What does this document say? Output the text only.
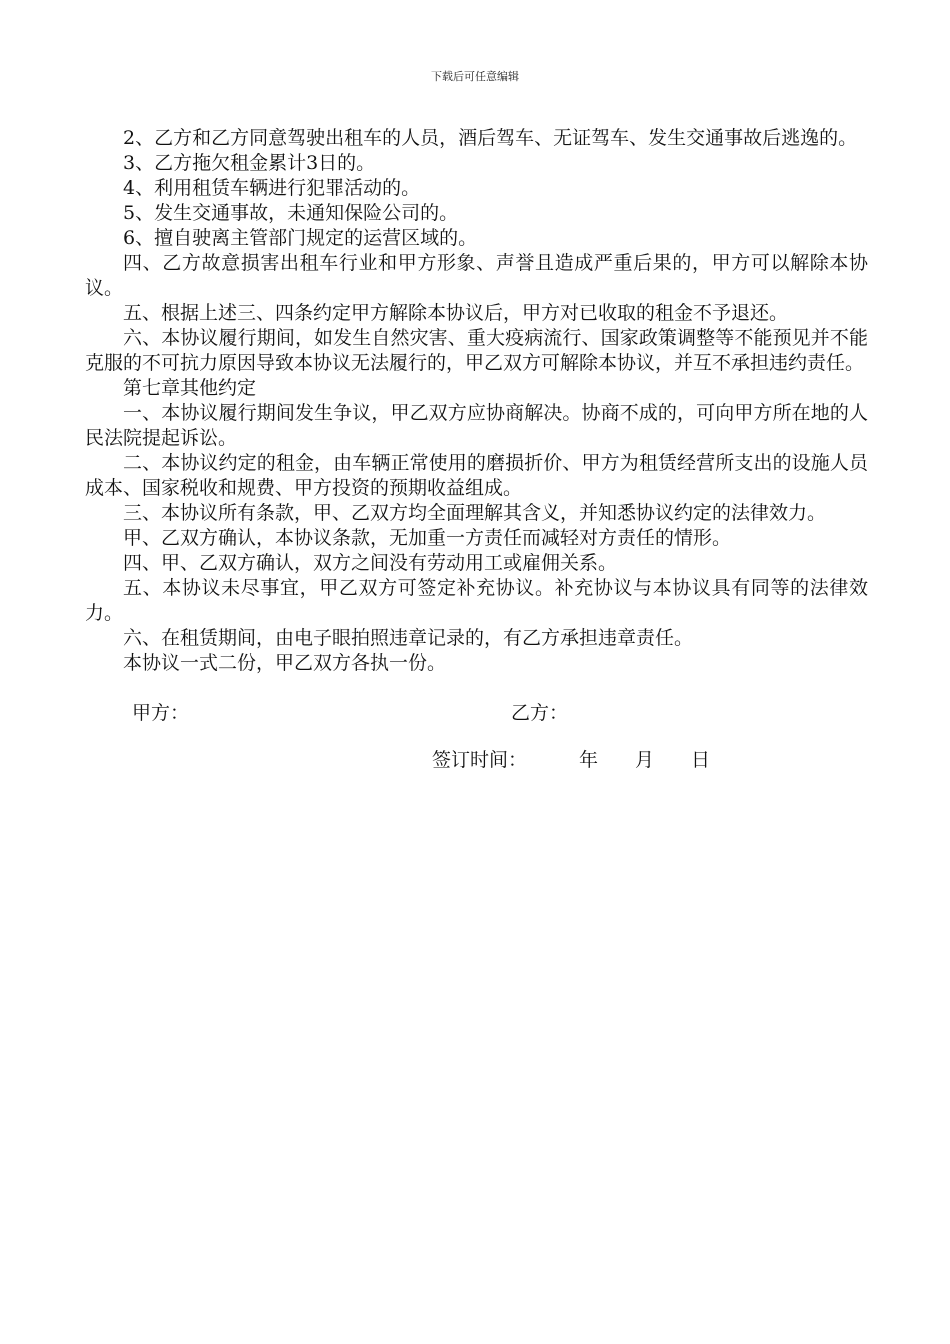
下载后可任意编辑

2、乙方和乙方同意驾驶出租车的人员，酒后驾车、无证驾车、发生交通事故后逃逸的。

3、乙方拖欠租金累计3日的。

4、利用租赁车辆进行犯罪活动的。

5、发生交通事故，未通知保险公司的。

6、擅自驶离主管部门规定的运营区域的。

四、乙方故意损害出租车行业和甲方形象、声誉且造成严重后果的，甲方可以解除本协议。

五、根据上述三、四条约定甲方解除本协议后，甲方对已收取的租金不予退还。

六、本协议履行期间，如发生自然灾害、重大疫病流行、国家政策调整等不能预见并不能克服的不可抗力原因导致本协议无法履行的，甲乙双方可解除本协议，并互不承担违约责任。

第七章其他约定

一、本协议履行期间发生争议，甲乙双方应协商解决。协商不成的，可向甲方所在地的人民法院提起诉讼。

二、本协议约定的租金，由车辆正常使用的磨损折价、甲方为租赁经营所支出的设施人员成本、国家税收和规费、甲方投资的预期收益组成。

三、本协议所有条款，甲、乙双方均全面理解其含义，并知悉协议约定的法律效力。

甲、乙双方确认，本协议条款，无加重一方责任而减轻对方责任的情形。

四、甲、乙双方确认，双方之间没有劳动用工或雇佣关系。

五、本协议未尽事宜，甲乙双方可签定补充协议。补充协议与本协议具有同等的法律效力。

六、在租赁期间，由电子眼拍照违章记录的，有乙方承担违章责任。

本协议一式二份，甲乙双方各执一份。

甲方：	乙方：
签订时间：	年 月 日
